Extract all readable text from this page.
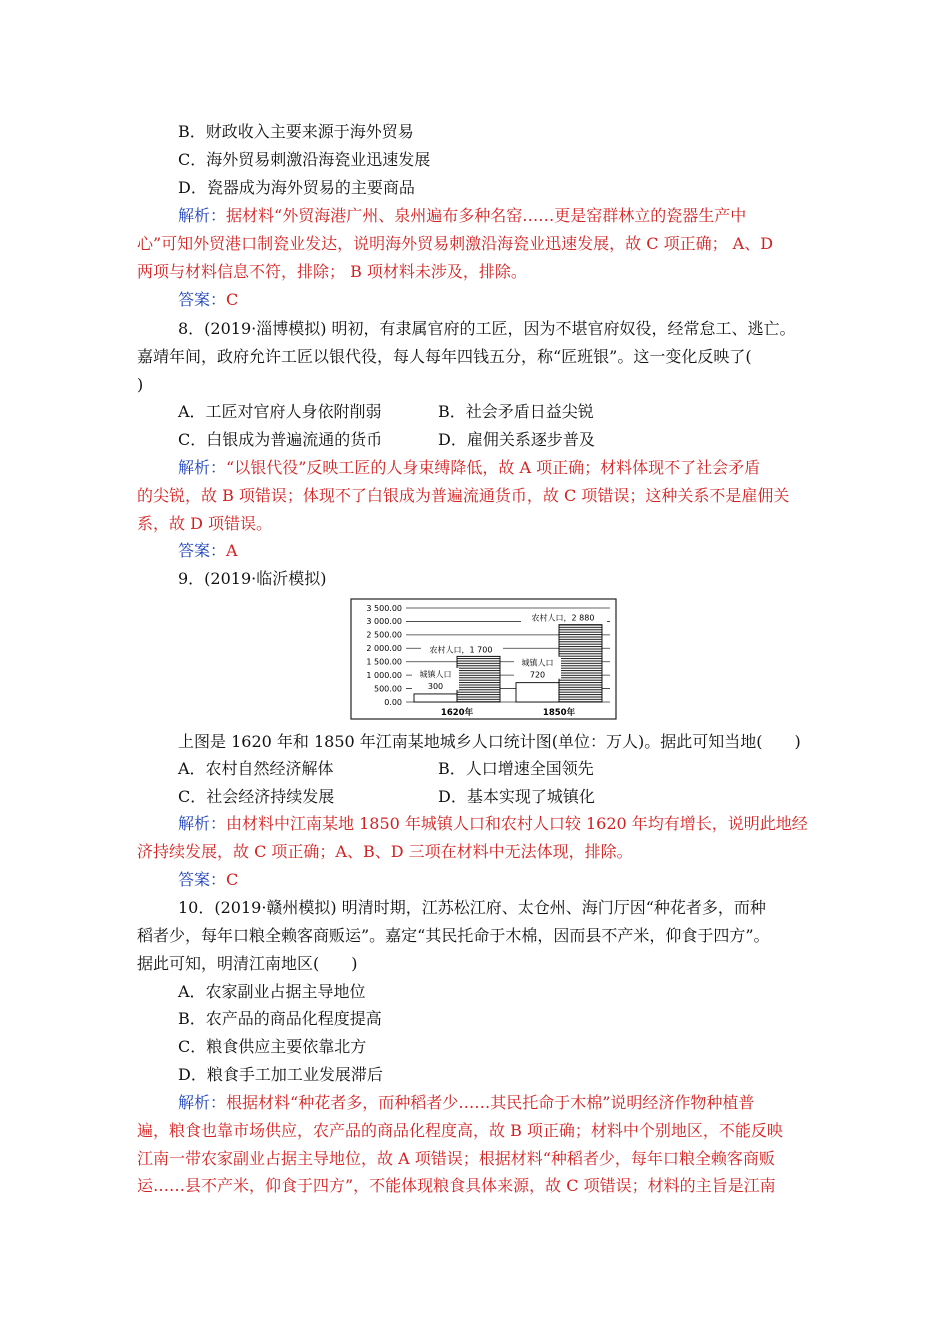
B．财政收入主要来源于海外贸易
C．海外贸易刺激沿海瓷业迅速发展
D．瓷器成为海外贸易的主要商品
解析：据材料“外贸海港广州、泉州遍布多种名窑……更是窑群林立的瓷器生产中
心”可知外贸港口制瓷业发达，说明海外贸易刺激沿海瓷业迅速发展，故 C 项正确； A、D
两项与材料信息不符，排除； B 项材料未涉及，排除。
答案：C
8．(2019·淄博模拟) 明初，有隶属官府的工匠，因为不堪官府奴役，经常怠工、逃亡。
嘉靖年间，政府允许工匠以银代役，每人每年四钱五分，称“匠班银”。这一变化反映了(
)
A．工匠对官府人身依附削弱	B．社会矛盾日益尖锐
C．白银成为普遍流通的货币	D．雇佣关系逐步普及
解析：“以银代役”反映工匠的人身束缚降低，故 A 项正确；材料体现不了社会矛盾
的尖锐，故 B 项错误；体现不了白银成为普遍流通货币，故 C 项错误；这种关系不是雇佣关
系，故 D 项错误。
答案：A
9．(2019·临沂模拟)
0.00
500.00
1 000.00
1 500.00
2 000.00
2 500.00
3 000.00
3 500.00
城镇人口
300
农村人口，1 700
城镇人口
720
农村人口，2 880
1620年	1850年
上图是 1620 年和 1850 年江南某地城乡人口统计图(单位：万人)。据此可知当地(　　)
A．农村自然经济解体	B．人口增速全国领先
C．社会经济持续发展	D．基本实现了城镇化
解析：由材料中江南某地 1850 年城镇人口和农村人口较 1620 年均有增长，说明此地经
济持续发展，故 C 项正确；A、B、D 三项在材料中无法体现，排除。
答案：C
10．(2019·赣州模拟) 明清时期，江苏松江府、太仓州、海门厅因“种花者多，而种
稻者少，每年口粮全赖客商贩运”。嘉定“其民托命于木棉，因而县不产米，仰食于四方”。
据此可知，明清江南地区(　　)
A．农家副业占据主导地位
B．农产品的商品化程度提高
C．粮食供应主要依靠北方
D．粮食手工加工业发展滞后
解析：根据材料“种花者多，而种稻者少……其民托命于木棉”说明经济作物种植普
遍，粮食也靠市场供应，农产品的商品化程度高，故 B 项正确；材料中个别地区，不能反映
江南一带农家副业占据主导地位，故 A 项错误；根据材料“种稻者少，每年口粮全赖客商贩
运……县不产米，仰食于四方”，不能体现粮食具体来源，故 C 项错误；材料的主旨是江南
